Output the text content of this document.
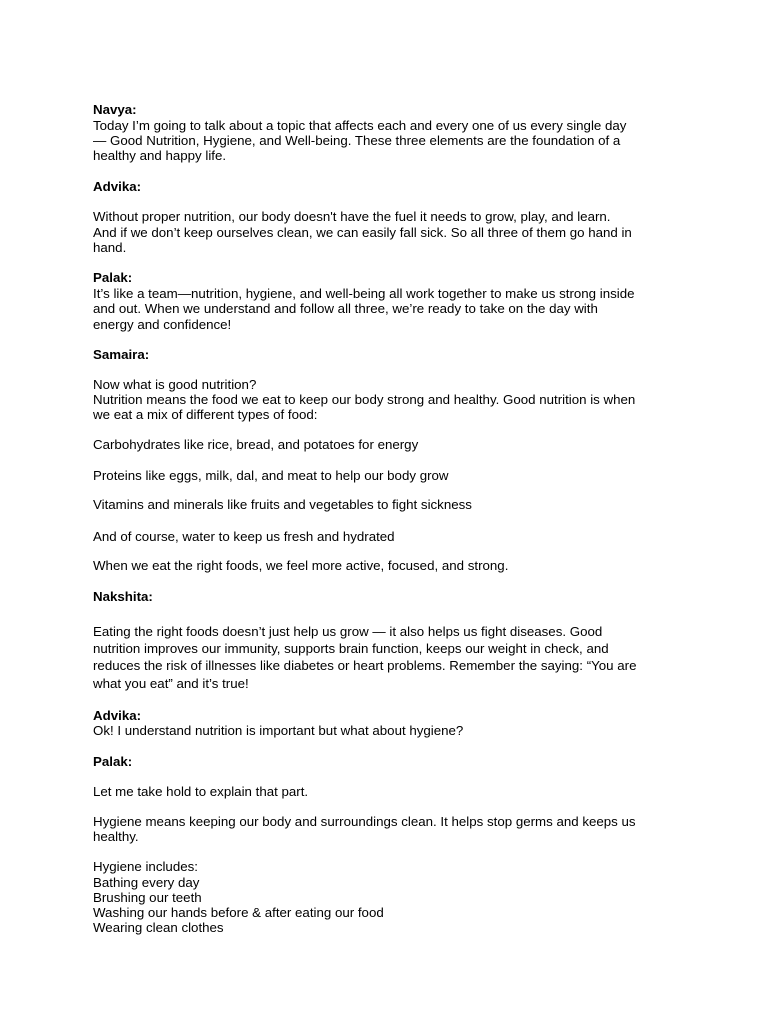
Navya:

Today I’m going to talk about a topic that affects each and every one of us every single day

— Good Nutrition, Hygiene, and Well-being. These three elements are the foundation of a

healthy and happy life.

Advika:

Without proper nutrition, our body doesn't have the fuel it needs to grow, play, and learn.

And if we don’t keep ourselves clean, we can easily fall sick. So all three of them go hand in

hand.

Palak:

It’s like a team—nutrition, hygiene, and well-being all work together to make us strong inside

and out. When we understand and follow all three, we’re ready to take on the day with

energy and confidence!

Samaira:

Now what is good nutrition?

Nutrition means the food we eat to keep our body strong and healthy. Good nutrition is when

we eat a mix of different types of food:

Carbohydrates like rice, bread, and potatoes for energy

Proteins like eggs, milk, dal, and meat to help our body grow

Vitamins and minerals like fruits and vegetables to fight sickness

And of course, water to keep us fresh and hydrated

When we eat the right foods, we feel more active, focused, and strong.

Nakshita:

Eating the right foods doesn’t just help us grow — it also helps us fight diseases. Good

nutrition improves our immunity, supports brain function, keeps our weight in check, and

reduces the risk of illnesses like diabetes or heart problems. Remember the saying: “You are

what you eat” and it’s true!

Advika:

Ok! I understand nutrition is important but what about hygiene?

Palak:

Let me take hold to explain that part.

Hygiene means keeping our body and surroundings clean. It helps stop germs and keeps us

healthy.

Hygiene includes:

Bathing every day

Brushing our teeth

Washing our hands before & after eating our food

Wearing clean clothes
